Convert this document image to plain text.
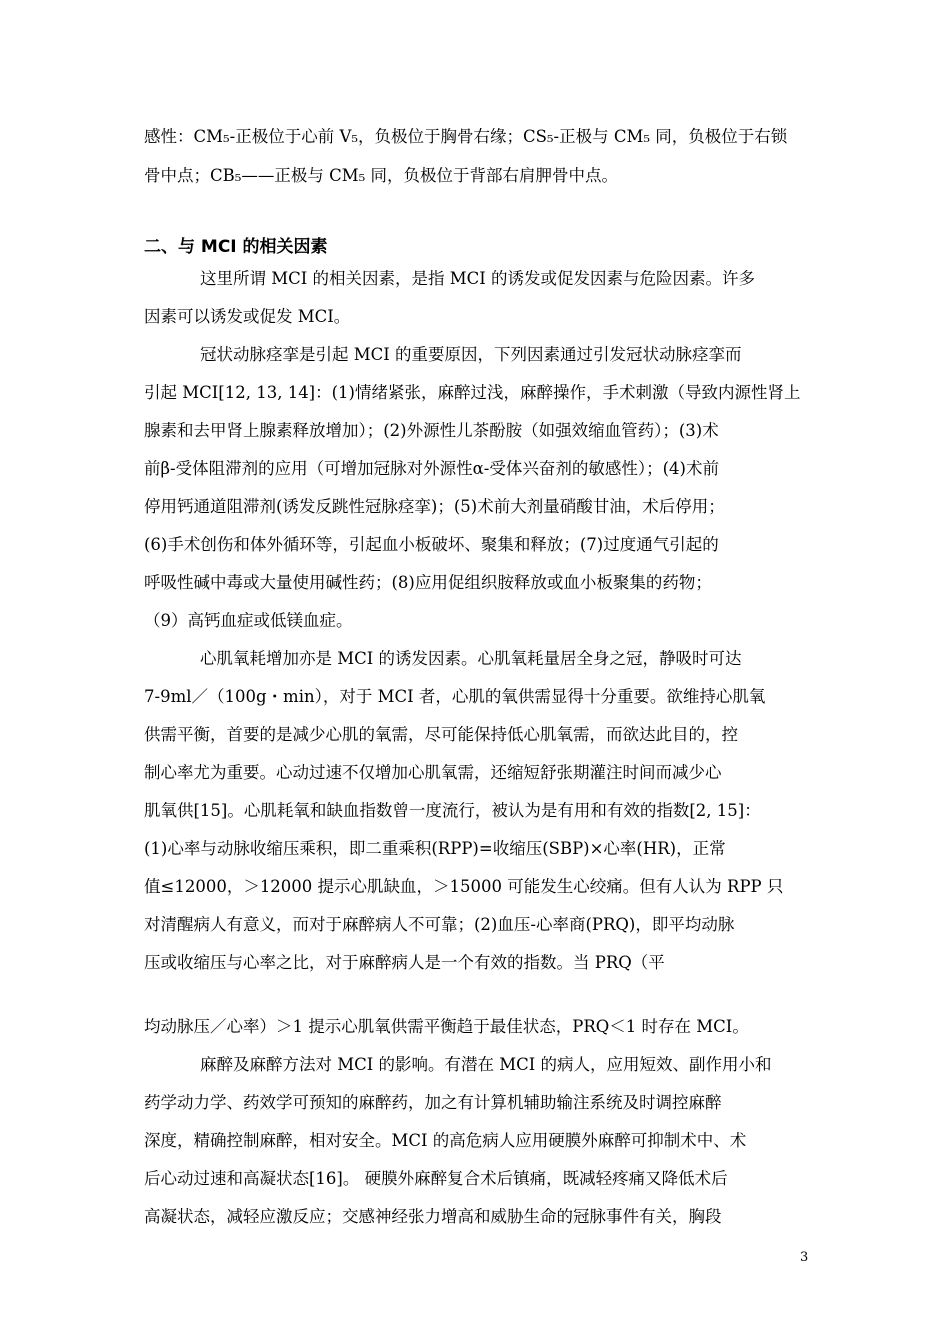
感性：CM₅-正极位于心前 V₅，负极位于胸骨右缘；CS₅-正极与 CM₅ 同，负极位于右锁
骨中点；CB₅——正极与 CM₅ 同，负极位于背部右肩胛骨中点。
二、与 MCI 的相关因素
这里所谓 MCI 的相关因素，是指 MCI 的诱发或促发因素与危险因素。许多
因素可以诱发或促发 MCI。
冠状动脉痉挛是引起 MCI 的重要原因，下列因素通过引发冠状动脉痉挛而
引起 MCI[12, 13, 14]：(1)情绪紧张，麻醉过浅，麻醉操作，手术刺激（导致内源性肾上
腺素和去甲肾上腺素释放增加）；(2)外源性儿茶酚胺（如强效缩血管药）；(3)术
前β-受体阻滞剂的应用（可增加冠脉对外源性α-受体兴奋剂的敏感性）；(4)术前
停用钙通道阻滞剂(诱发反跳性冠脉痉挛)；(5)术前大剂量硝酸甘油，术后停用；
(6)手术创伤和体外循环等，引起血小板破坏、聚集和释放；(7)过度通气引起的
呼吸性碱中毒或大量使用碱性药；(8)应用促组织胺释放或血小板聚集的药物；
（9）高钙血症或低镁血症。
心肌氧耗增加亦是 MCI 的诱发因素。心肌氧耗量居全身之冠，静吸时可达
7-9ml／（100g・min），对于 MCI 者，心肌的氧供需显得十分重要。欲维持心肌氧
供需平衡，首要的是减少心肌的氧需，尽可能保持低心肌氧需，而欲达此目的，控
制心率尤为重要。心动过速不仅增加心肌氧需，还缩短舒张期灌注时间而减少心
肌氧供[15]。心肌耗氧和缺血指数曾一度流行，被认为是有用和有效的指数[2, 15]：
(1)心率与动脉收缩压乘积，即二重乘积(RPP)=收缩压(SBP)×心率(HR)，正常
值≤12000，＞12000 提示心肌缺血，＞15000 可能发生心绞痛。但有人认为 RPP 只
对清醒病人有意义，而对于麻醉病人不可靠；(2)血压-心率商(PRQ)，即平均动脉
压或收缩压与心率之比，对于麻醉病人是一个有效的指数。当 PRQ（平
均动脉压／心率）＞1 提示心肌氧供需平衡趋于最佳状态，PRQ＜1 时存在 MCI。
麻醉及麻醉方法对 MCI 的影响。有潜在 MCI 的病人，应用短效、副作用小和
药学动力学、药效学可预知的麻醉药，加之有计算机辅助输注系统及时调控麻醉
深度，精确控制麻醉，相对安全。MCI 的高危病人应用硬膜外麻醉可抑制术中、术
后心动过速和高凝状态[16]。 硬膜外麻醉复合术后镇痛，既减轻疼痛又降低术后
高凝状态，减轻应激反应；交感神经张力增高和威胁生命的冠脉事件有关，胸段
3
